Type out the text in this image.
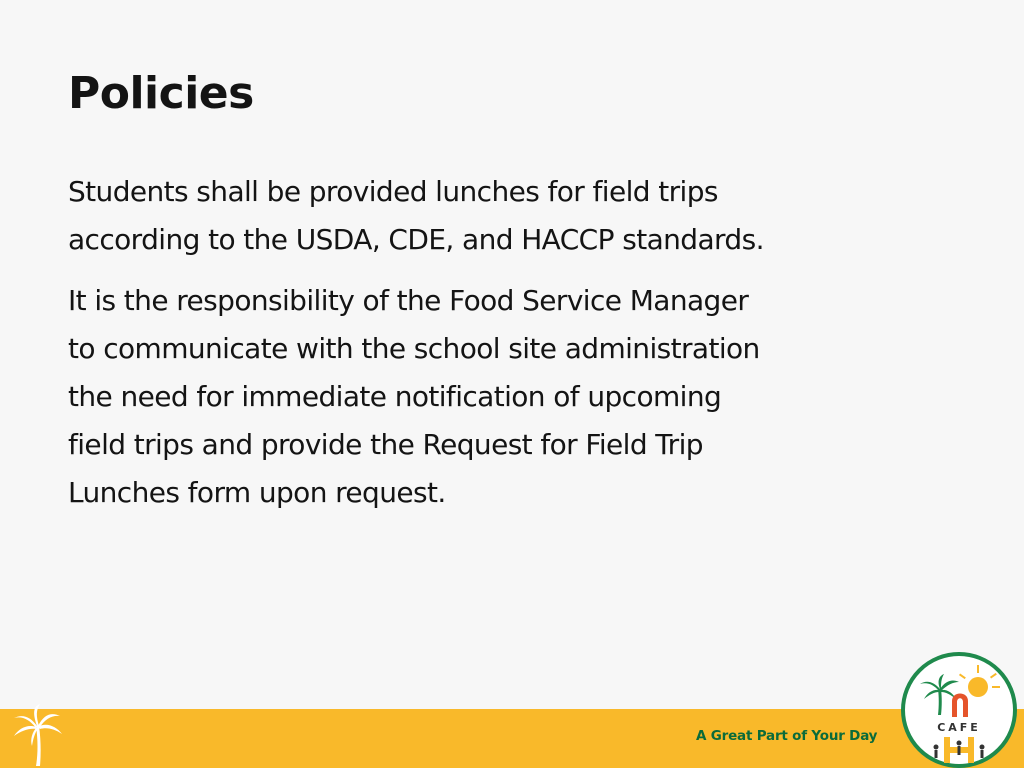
Policies

Students shall be provided lunches for field trips
according to the USDA, CDE, and HACCP standards.

It is the responsibility of the Food Service Manager
to communicate with the school site administration
the need for immediate notification of upcoming
field trips and provide the Request for Field Trip
Lunches form upon request.

A Great Part of Your Day
CAFE
